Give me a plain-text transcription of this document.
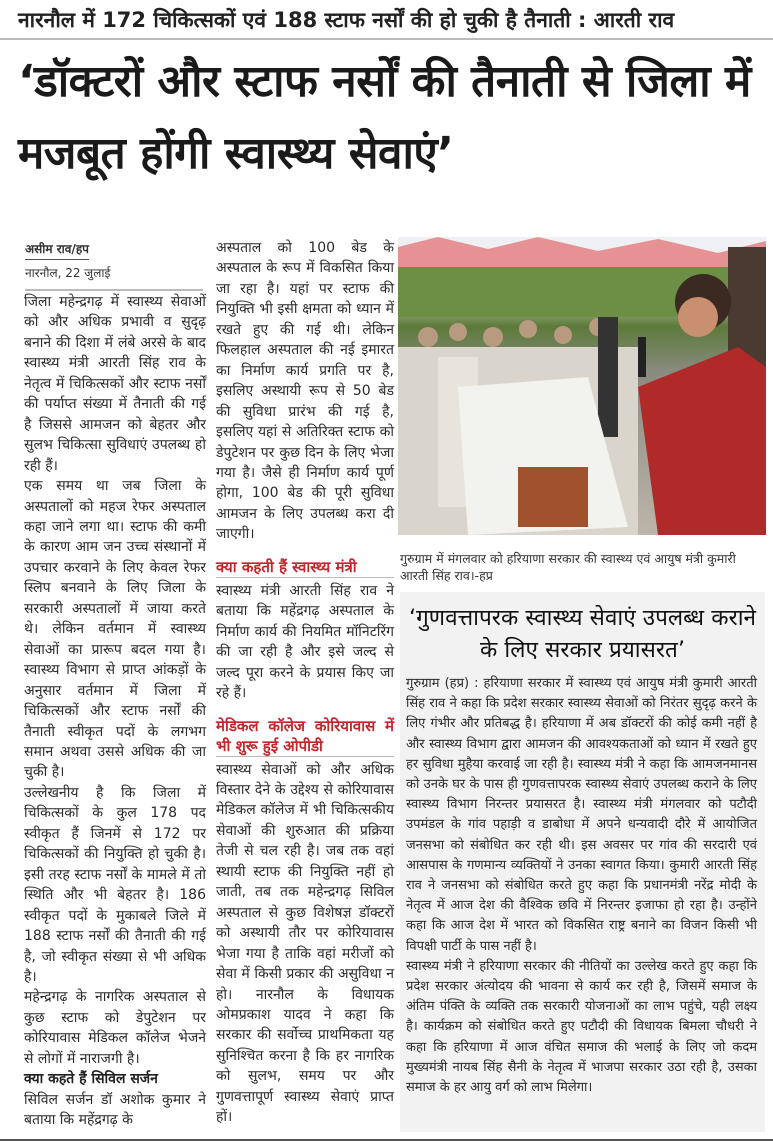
नारनौल में 172 चिकित्सकों एवं 188 स्टाफ नर्सों की हो चुकी है तैनाती : आरती राव
‘डॉक्टरों और स्टाफ नर्सों की तैनाती से जिला में मजबूत होंगी स्वास्थ्य सेवाएं’
असीम राव/हप
नारनौल, 22 जुलाई

जिला महेन्द्रगढ़ में स्वास्थ्य सेवाओं को और अधिक प्रभावी व सुदृढ़ बनाने की दिशा में लंबे अरसे के बाद स्वास्थ्य मंत्री आरती सिंह राव के नेतृत्व में चिकित्सकों और स्टाफ नर्सों की पर्याप्त संख्या में तैनाती की गई है जिससे आमजन को बेहतर और सुलभ चिकित्सा सुविधाएं उपलब्ध हो रही हैं।

एक समय था जब जिला के अस्पतालों को महज रेफर अस्पताल कहा जाने लगा था। स्टाफ की कमी के कारण आम जन उच्च संस्थानों में उपचार करवाने के लिए केवल रेफर स्लिप बनवाने के लिए जिला के सरकारी अस्पतालों में जाया करते थे। लेकिन वर्तमान में स्वास्थ्य सेवाओं का प्रारूप बदल गया है। स्वास्थ्य विभाग से प्राप्त आंकड़ों के अनुसार वर्तमान में जिला में चिकित्सकों और स्टाफ नर्सों की तैनाती स्वीकृत पदों के लगभग समान अथवा उससे अधिक की जा चुकी है।

उल्लेखनीय है कि जिला में चिकित्सकों के कुल 178 पद स्वीकृत हैं जिनमें से 172 पर चिकित्सकों की नियुक्ति हो चुकी है। इसी तरह स्टाफ नर्सों के मामले में तो स्थिति और भी बेहतर है। 186 स्वीकृत पदों के मुकाबले जिले में 188 स्टाफ नर्सों की तैनाती की गई है, जो स्वीकृत संख्या से भी अधिक है।

महेन्द्रगढ़ के नागरिक अस्पताल से कुछ स्टाफ को डेपुटेशन पर कोरियावास मेडिकल कॉलेज भेजने से लोगों में नाराजगी है।

क्या कहते हैं सिविल सर्जन

सिविल सर्जन डॉ अशोक कुमार ने बताया कि महेंद्रगढ़ के

अस्पताल को 100 बेड के अस्पताल के रूप में विकसित किया जा रहा है। यहां पर स्टाफ की नियुक्ति भी इसी क्षमता को ध्यान में रखते हुए की गई थी। लेकिन फिलहाल अस्पताल की नई इमारत का निर्माण कार्य प्रगति पर है, इसलिए अस्थायी रूप से 50 बेड की सुविधा प्रारंभ की गई है, इसलिए यहां से अतिरिक्त स्टाफ को डेपुटेशन पर कुछ दिन के लिए भेजा गया है। जैसे ही निर्माण कार्य पूर्ण होगा, 100 बेड की पूरी सुविधा आमजन के लिए उपलब्ध करा दी जाएगी।

क्या कहती हैं स्वास्थ्य मंत्री

स्वास्थ्य मंत्री आरती सिंह राव ने बताया कि महेंद्रगढ़ अस्पताल के निर्माण कार्य की नियमित मॉनिटरिंग की जा रही है और इसे जल्द से जल्द पूरा करने के प्रयास किए जा रहे हैं।

मेडिकल कॉलेज कोरियावास में भी शुरू हुई ओपीडी

स्वास्थ्य सेवाओं को और अधिक विस्तार देने के उद्देश्य से कोरियावास मेडिकल कॉलेज में भी चिकित्सकीय सेवाओं की शुरुआत की प्रक्रिया तेजी से चल रही है। जब तक वहां स्थायी स्टाफ की नियुक्ति नहीं हो जाती, तब तक महेन्द्रगढ़ सिविल अस्पताल से कुछ विशेषज्ञ डॉक्टरों को अस्थायी तौर पर कोरियावास भेजा गया है ताकि वहां मरीजों को सेवा में किसी प्रकार की असुविधा न हो। नारनौल के विधायक ओमप्रकाश यादव ने कहा कि सरकार की सर्वोच्च प्राथमिकता यह सुनिश्चित करना है कि हर नागरिक को सुलभ, समय पर और गुणवत्तापूर्ण स्वास्थ्य सेवाएं प्राप्त हों।

गुरुग्राम में मंगलवार को हरियाणा सरकार की स्वास्थ्य एवं आयुष मंत्री कुमारी आरती सिंह राव।-हप्र
‘गुणवत्तापरक स्वास्थ्य सेवाएं उपलब्ध कराने के लिए सरकार प्रयासरत’

गुरुग्राम (हप्र) : हरियाणा सरकार में स्वास्थ्य एवं आयुष मंत्री कुमारी आरती सिंह राव ने कहा कि प्रदेश सरकार स्वास्थ्य सेवाओं को निरंतर सुदृढ़ करने के लिए गंभीर और प्रतिबद्ध है। हरियाणा में अब डॉक्टरों की कोई कमी नहीं है और स्वास्थ्य विभाग द्वारा आमजन की आवश्यकताओं को ध्यान में रखते हुए हर सुविधा मुहैया करवाई जा रही है। स्वास्थ्य मंत्री ने कहा कि आमजनमानस को उनके घर के पास ही गुणवत्तापरक स्वास्थ्य सेवाएं उपलब्ध कराने के लिए स्वास्थ्य विभाग निरन्तर प्रयासरत है। स्वास्थ्य मंत्री मंगलवार को पटौदी उपमंडल के गांव पहाड़ी व डाबोधा में अपने धन्यवादी दौरे में आयोजित जनसभा को संबोधित कर रही थी। इस अवसर पर गांव की सरदारी एवं आसपास के गणमान्य व्यक्तियों ने उनका स्वागत किया। कुमारी आरती सिंह राव ने जनसभा को संबोधित करते हुए कहा कि प्रधानमंत्री नरेंद्र मोदी के नेतृत्व में आज देश की वैश्विक छवि में निरन्तर इजाफा हो रहा है। उन्होंने कहा कि आज देश में भारत को विकसित राष्ट्र बनाने का विजन किसी भी विपक्षी पार्टी के पास नहीं है।

स्वास्थ्य मंत्री ने हरियाणा सरकार की नीतियों का उल्लेख करते हुए कहा कि प्रदेश सरकार अंत्योदय की भावना से कार्य कर रही है, जिसमें समाज के अंतिम पंक्ति के व्यक्ति तक सरकारी योजनाओं का लाभ पहुंचे, यही लक्ष्य है। कार्यक्रम को संबोधित करते हुए पटौदी की विधायक बिमला चौधरी ने कहा कि हरियाणा में आज वंचित समाज की भलाई के लिए जो कदम मुख्यमंत्री नायब सिंह सैनी के नेतृत्व में भाजपा सरकार उठा रही है, उसका समाज के हर आयु वर्ग को लाभ मिलेगा।
